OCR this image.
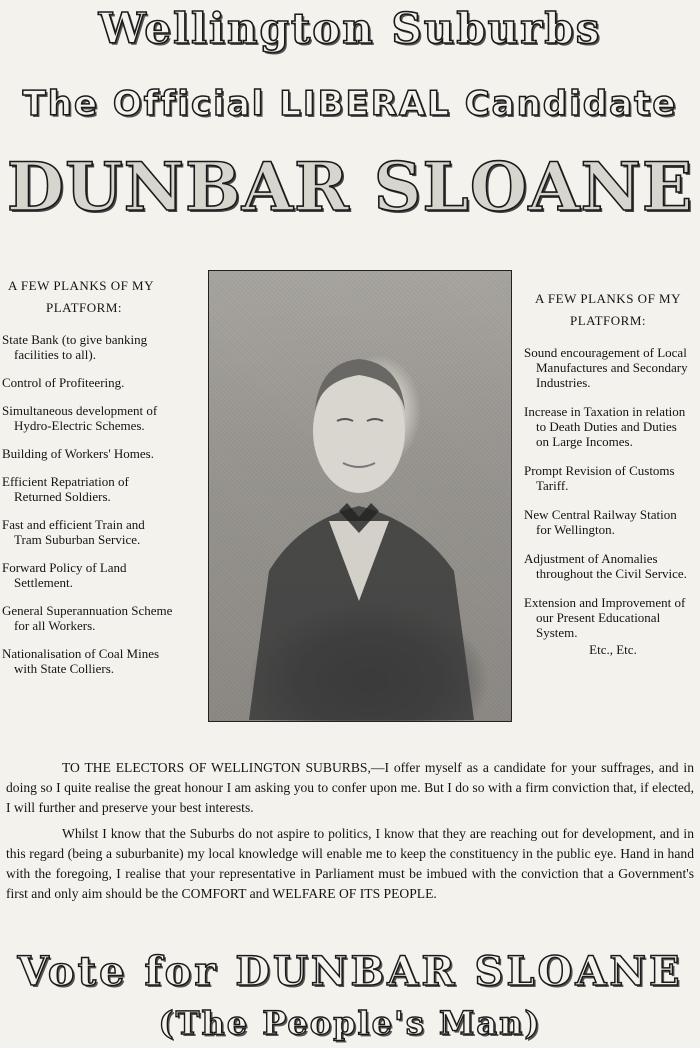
Wellington Suburbs
The Official LIBERAL Candidate
DUNBAR SLOANE
A FEW PLANKS OF MY
PLATFORM:
State Bank (to give banking facilities to all).
Control of Profiteering.
Simultaneous development of Hydro-Electric Schemes.
Building of Workers' Homes.
Efficient Repatriation of Returned Soldiers.
Fast and efficient Train and Tram Suburban Service.
Forward Policy of Land Settlement.
General Superannuation Scheme for all Workers.
Nationalisation of Coal Mines with State Colliers.
A FEW PLANKS OF MY
PLATFORM:
Sound encouragement of Local Manufactures and Secondary Industries.
Increase in Taxation in relation to Death Duties and Duties on Large Incomes.
Prompt Revision of Customs Tariff.
New Central Railway Station for Wellington.
Adjustment of Anomalies throughout the Civil Service.
Extension and Improvement of our Present Educational System.
Etc., Etc.

TO THE ELECTORS OF WELLINGTON SUBURBS,—I offer myself as a candidate for your suffrages, and in doing so I quite realise the great honour I am asking you to confer upon me. But I do so with a firm conviction that, if elected, I will further and preserve your best interests.

Whilst I know that the Suburbs do not aspire to politics, I know that they are reaching out for development, and in this regard (being a suburbanite) my local knowledge will enable me to keep the constituency in the public eye. Hand in hand with the foregoing, I realise that your representative in Parliament must be imbued with the conviction that a Government's first and only aim should be the COMFORT and WELFARE OF ITS PEOPLE.

Vote for DUNBAR SLOANE
(The People's Man)
